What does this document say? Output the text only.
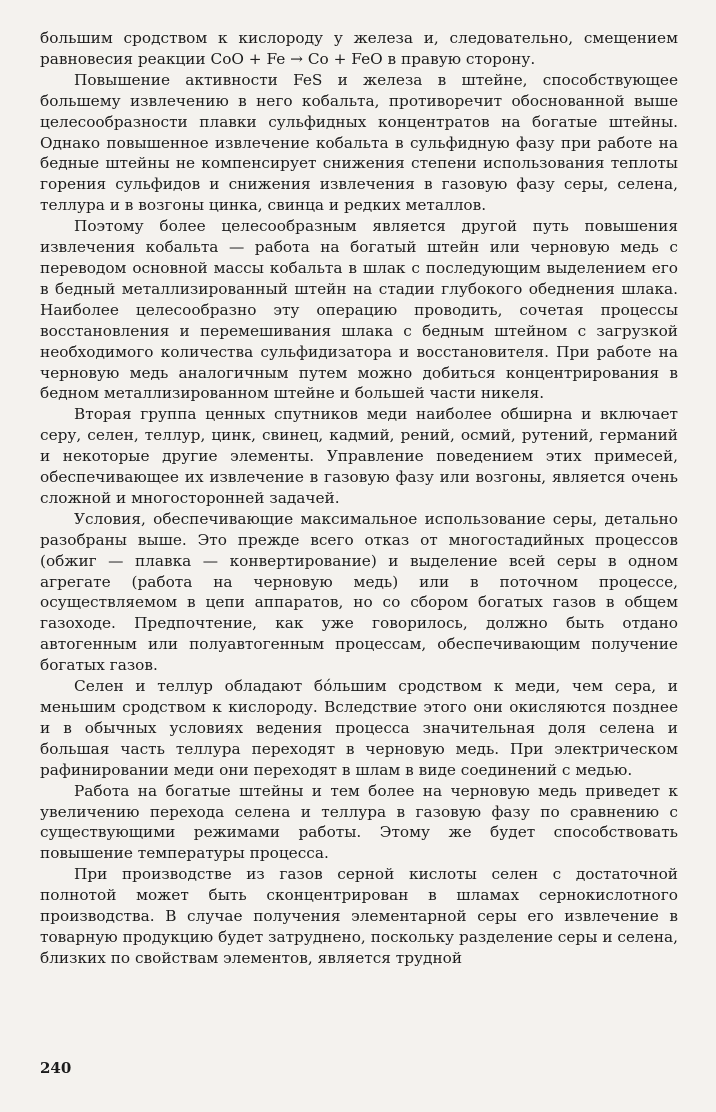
большим сродством к кислороду у железа и, следовательно, смещением равновесия реакции CoO + Fe → Co + FeO в правую сторону.

Повышение активности FeS и железа в штейне, способствующее большему извлечению в него кобальта, противоречит обоснованной выше целесообразности плавки сульфидных концентратов на богатые штейны. Однако повышенное извлечение кобальта в сульфидную фазу при работе на бедные штейны не компенсирует снижения степени использования теплоты горения сульфидов и снижения извлечения в газовую фазу серы, селена, теллура и в возгоны цинка, свинца и редких металлов.

Поэтому более целесообразным является другой путь повышения извлечения кобальта — работа на богатый штейн или черновую медь с переводом основной массы кобальта в шлак с последующим выделением его в бедный металлизированный штейн на стадии глубокого обеднения шлака. Наиболее целесообразно эту операцию проводить, сочетая процессы восстановления и перемешивания шлака с бедным штейном с загрузкой необходимого количества сульфидизатора и восстановителя. При работе на черновую медь аналогичным путем можно добиться концентрирования в бедном металлизированном штейне и большей части никеля.

Вторая группа ценных спутников меди наиболее обширна и включает серу, селен, теллур, цинк, свинец, кадмий, рений, осмий, рутений, германий и некоторые другие элементы. Управление поведением этих примесей, обеспечивающее их извлечение в газовую фазу или возгоны, является очень сложной и многосторонней задачей.

Условия, обеспечивающие максимальное использование серы, детально разобраны выше. Это прежде всего отказ от многостадийных процессов (обжиг — плавка — конвертирование) и выделение всей серы в одном агрегате (работа на черновую медь) или в поточном процессе, осуществляемом в цепи аппаратов, но со сбором богатых газов в общем газоходе. Предпочтение, как уже говорилось, должно быть отдано автогенным или полуавтогенным процессам, обеспечивающим получение богатых газов.

Селен и теллур обладают бóльшим сродством к меди, чем сера, и меньшим сродством к кислороду. Вследствие этого они окисляются позднее и в обычных условиях ведения процесса значительная доля селена и большая часть теллура переходят в черновую медь. При электрическом рафинировании меди они переходят в шлам в виде соединений с медью.

Работа на богатые штейны и тем более на черновую медь приведет к увеличению перехода селена и теллура в газовую фазу по сравнению с существующими режимами работы. Этому же будет способствовать повышение температуры процесса.

При производстве из газов серной кислоты селен с достаточной полнотой может быть сконцентрирован в шламах сернокислотного производства. В случае получения элементарной серы его извлечение в товарную продукцию будет затруднено, поскольку разделение серы и селена, близких по свойствам элементов, является трудной

240
